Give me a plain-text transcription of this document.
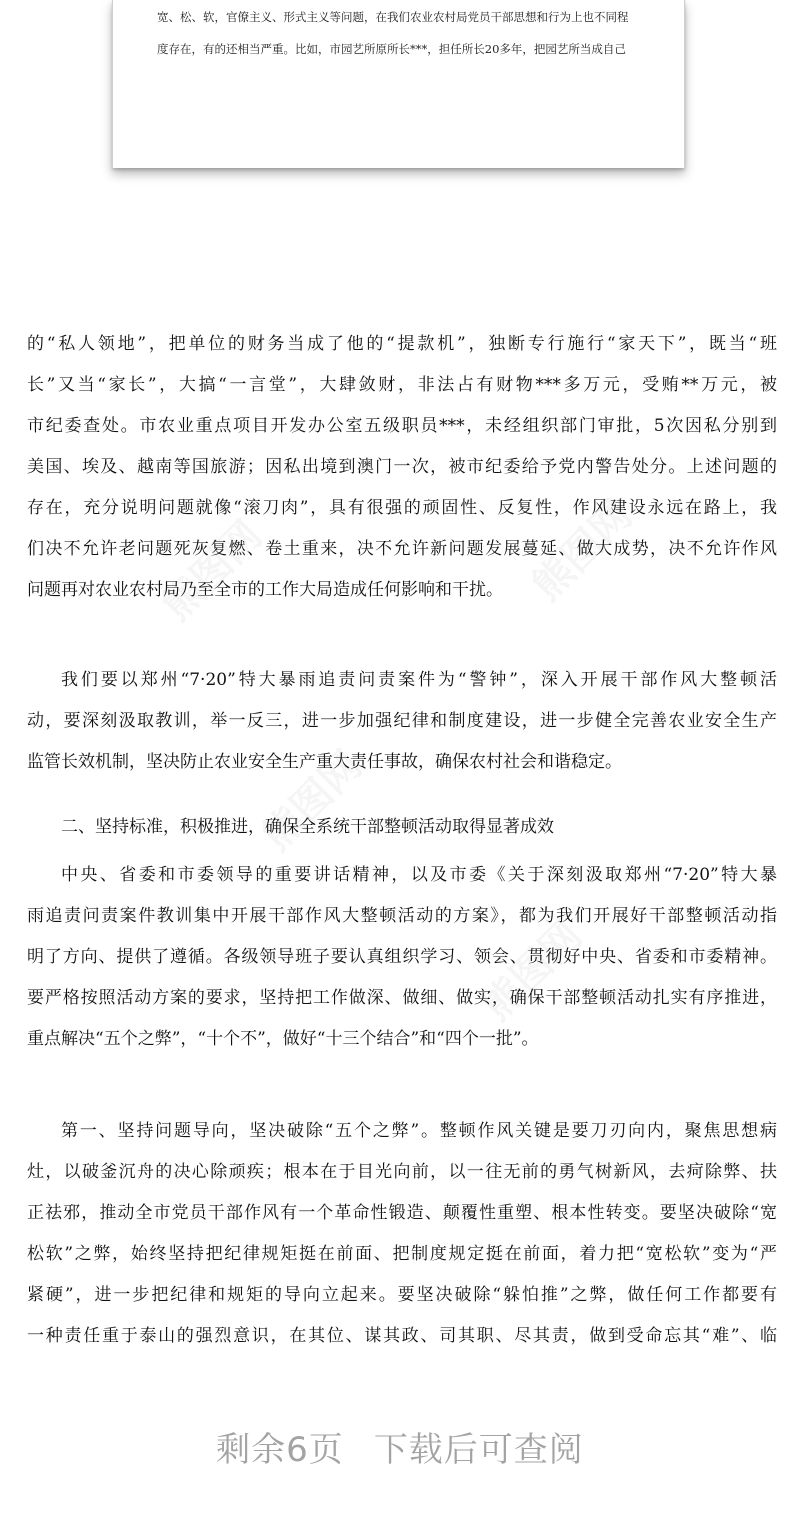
宽、松、软，官僚主义、形式主义等问题，在我们农业农村局党员干部思想和行为上也不同程
度存在，有的还相当严重。比如，市园艺所原所长***，担任所长20多年，把园艺所当成自己
熊图网	熊图网
熊图网
熊图网
的“私人领地”，把单位的财务当成了他的“提款机”，独断专行施行“家天下”，既当“班
长”又当“家长”，大搞“一言堂”，大肆敛财，非法占有财物***多万元，受贿**万元，被
市纪委查处。市农业重点项目开发办公室五级职员***，未经组织部门审批，5次因私分别到
美国、埃及、越南等国旅游；因私出境到澳门一次，被市纪委给予党内警告处分。上述问题的
存在，充分说明问题就像“滚刀肉”，具有很强的顽固性、反复性，作风建设永远在路上，我
们决不允许老问题死灰复燃、卷土重来，决不允许新问题发展蔓延、做大成势，决不允许作风
问题再对农业农村局乃至全市的工作大局造成任何影响和干扰。
我们要以郑州“7·20”特大暴雨追责问责案件为“警钟”，深入开展干部作风大整顿活
动，要深刻汲取教训，举一反三，进一步加强纪律和制度建设，进一步健全完善农业安全生产
监管长效机制，坚决防止农业安全生产重大责任事故，确保农村社会和谐稳定。
二、坚持标准，积极推进，确保全系统干部整顿活动取得显著成效
中央、省委和市委领导的重要讲话精神，以及市委《关于深刻汲取郑州“7·20”特大暴
雨追责问责案件教训集中开展干部作风大整顿活动的方案》，都为我们开展好干部整顿活动指
明了方向、提供了遵循。各级领导班子要认真组织学习、领会、贯彻好中央、省委和市委精神。
要严格按照活动方案的要求，坚持把工作做深、做细、做实，确保干部整顿活动扎实有序推进，
重点解决“五个之弊”，“十个不”，做好“十三个结合”和“四个一批”。
第一、坚持问题导向，坚决破除“五个之弊”。整顿作风关键是要刀刃向内，聚焦思想病
灶，以破釜沉舟的决心除顽疾；根本在于目光向前，以一往无前的勇气树新风，去疴除弊、扶
正祛邪，推动全市党员干部作风有一个革命性锻造、颠覆性重塑、根本性转变。要坚决破除“宽
松软”之弊，始终坚持把纪律规矩挺在前面、把制度规定挺在前面，着力把“宽松软”变为“严
紧硬”，进一步把纪律和规矩的导向立起来。要坚决破除“躲怕推”之弊，做任何工作都要有
一种责任重于泰山的强烈意识，在其位、谋其政、司其职、尽其责，做到受命忘其“难”、临
剩余6页 下载后可查阅
